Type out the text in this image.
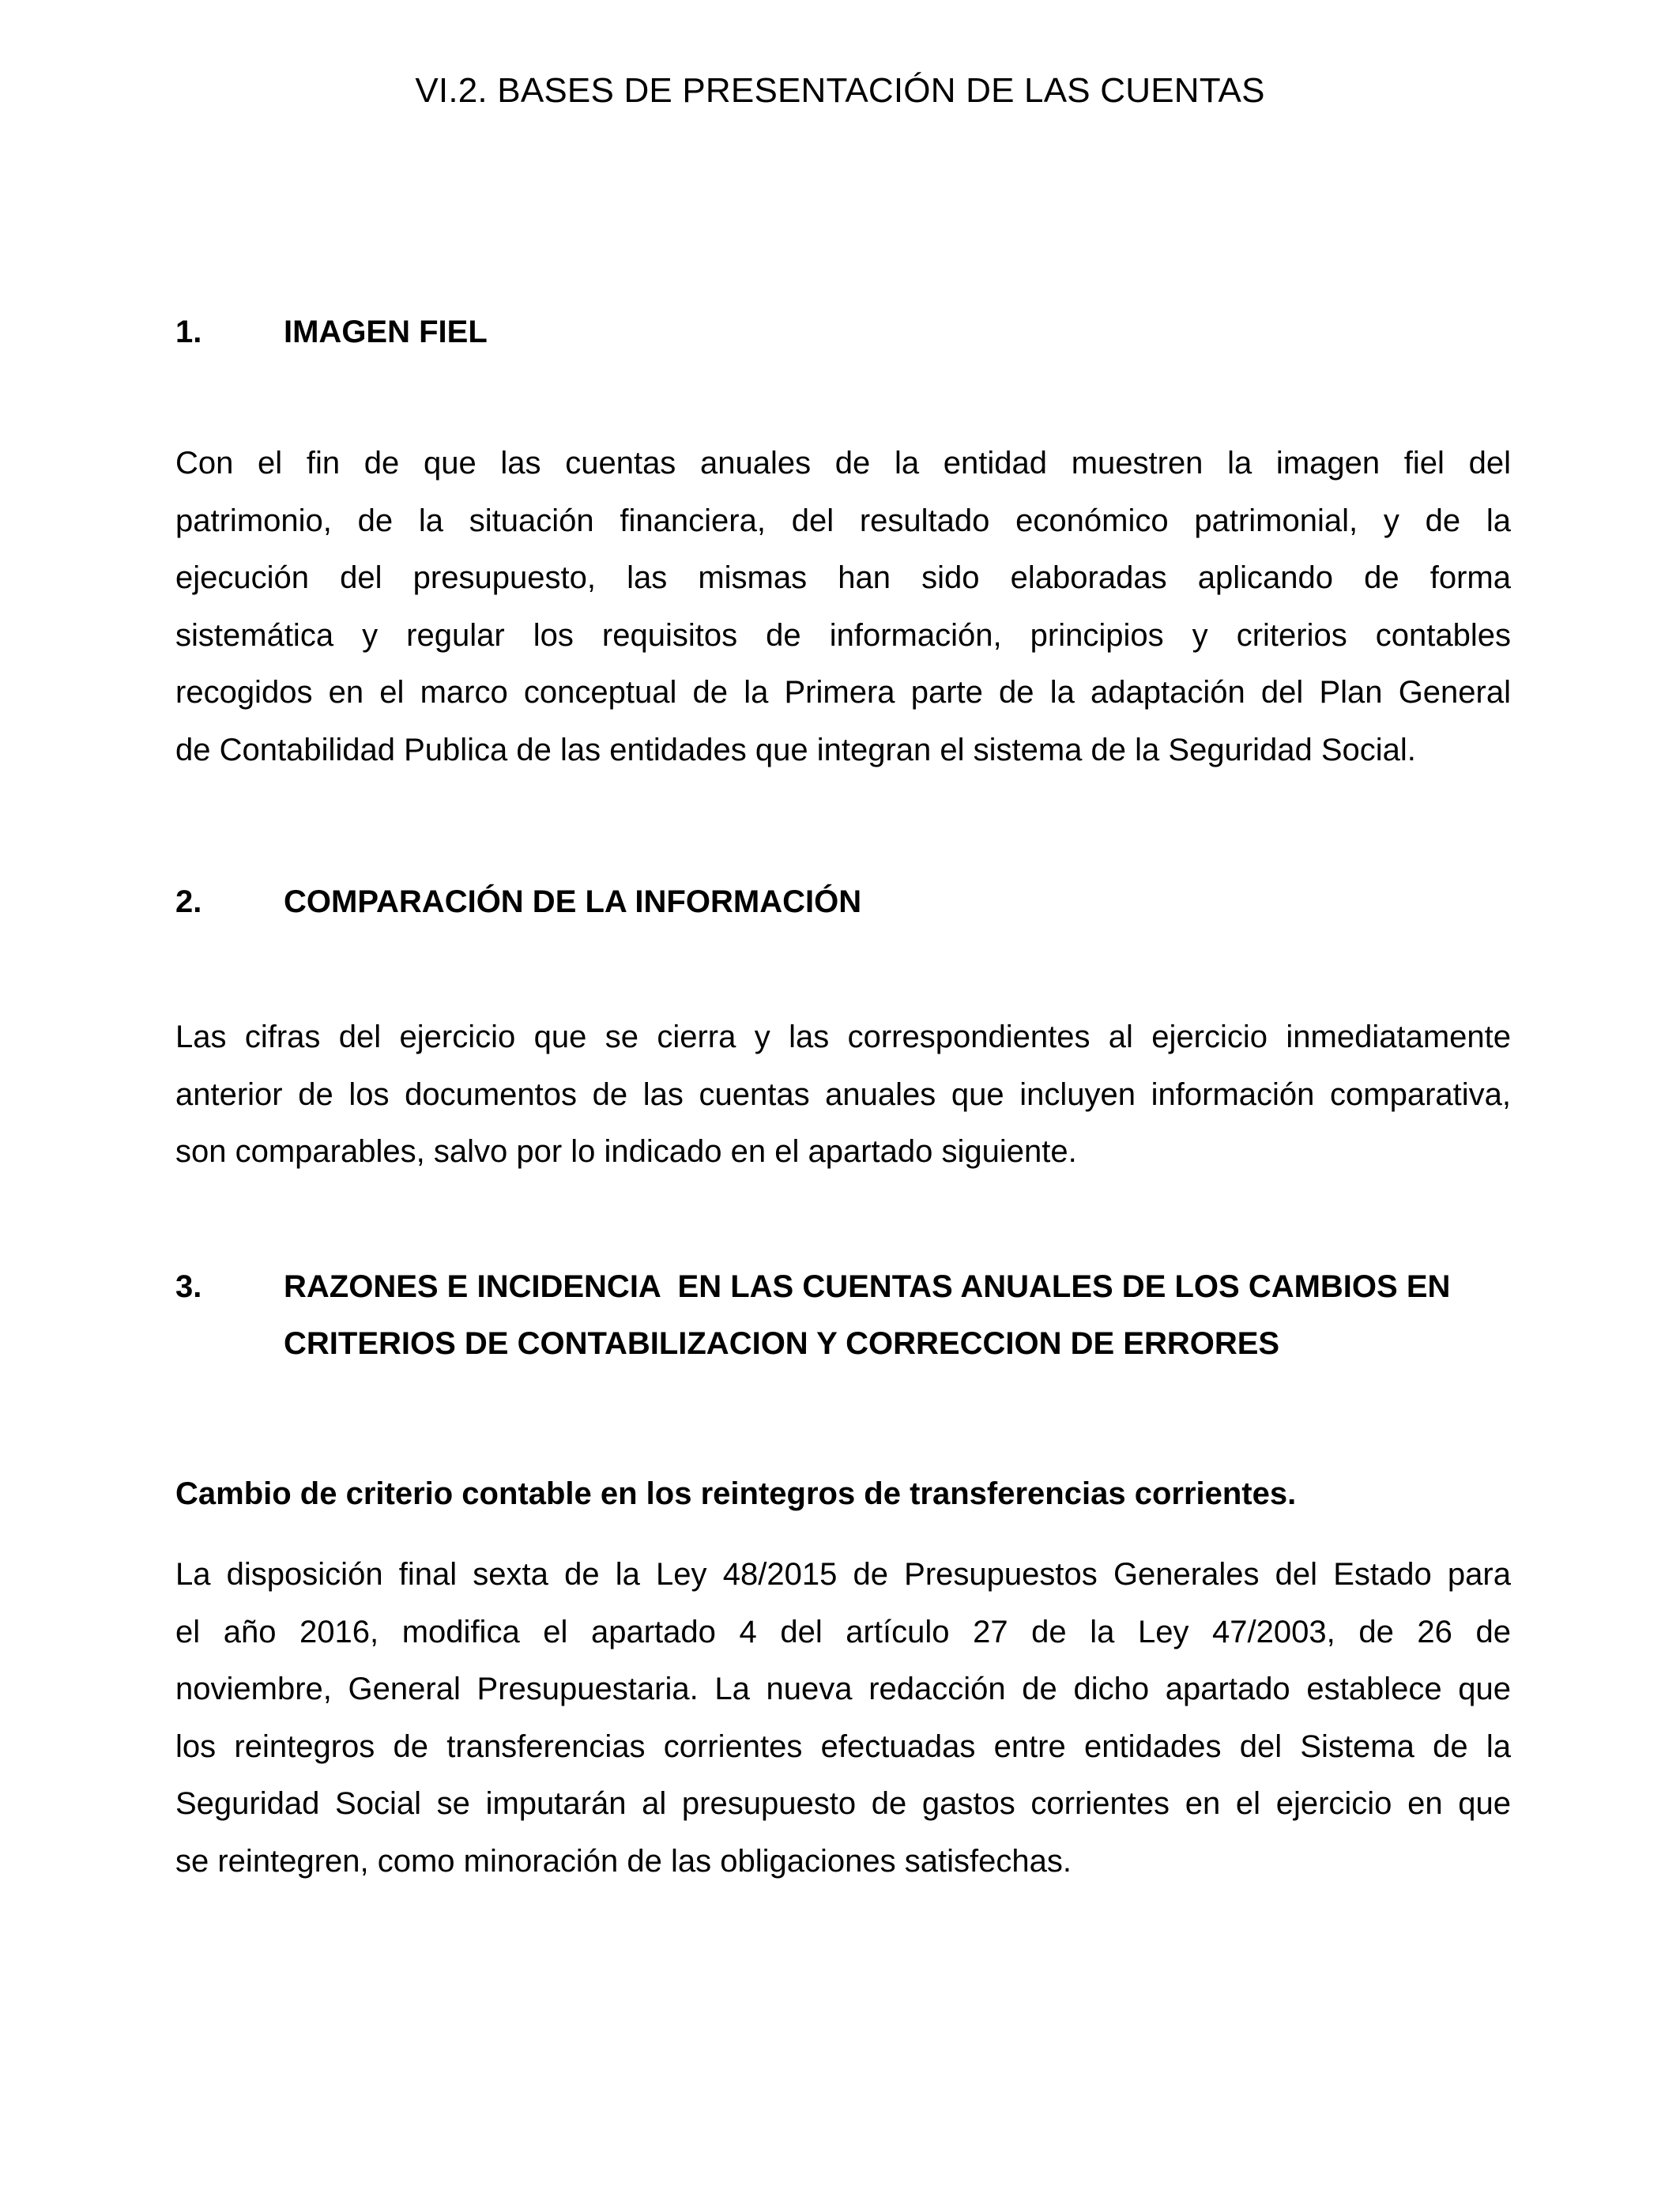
VI.2. BASES DE PRESENTACIÓN DE LAS CUENTAS
1.	IMAGEN FIEL
Con el fin de que las cuentas anuales de la entidad muestren la imagen fiel del
patrimonio, de la situación financiera, del resultado económico patrimonial, y de la
ejecución del presupuesto, las mismas han sido elaboradas aplicando de forma
sistemática y regular los requisitos de información, principios y criterios contables
recogidos en el marco conceptual de la Primera parte de la adaptación del Plan General
de Contabilidad Publica de las entidades que integran el sistema de la Seguridad Social.
2.	COMPARACIÓN DE LA INFORMACIÓN
Las cifras del ejercicio que se cierra y las correspondientes al ejercicio inmediatamente
anterior de los documentos de las cuentas anuales que incluyen información comparativa,
son comparables, salvo por lo indicado en el apartado siguiente.
3.	RAZONES E INCIDENCIA  EN LAS CUENTAS ANUALES DE LOS CAMBIOS EN
CRITERIOS DE CONTABILIZACION Y CORRECCION DE ERRORES
Cambio de criterio contable en los reintegros de transferencias corrientes.
La disposición final sexta de la Ley 48/2015 de Presupuestos Generales del Estado para
el año 2016, modifica el apartado 4 del artículo 27 de la Ley 47/2003, de 26 de
noviembre, General Presupuestaria. La nueva redacción de dicho apartado establece que
los reintegros de transferencias corrientes efectuadas entre entidades del Sistema de la
Seguridad Social se imputarán al presupuesto de gastos corrientes en el ejercicio en que
se reintegren, como minoración de las obligaciones satisfechas.
